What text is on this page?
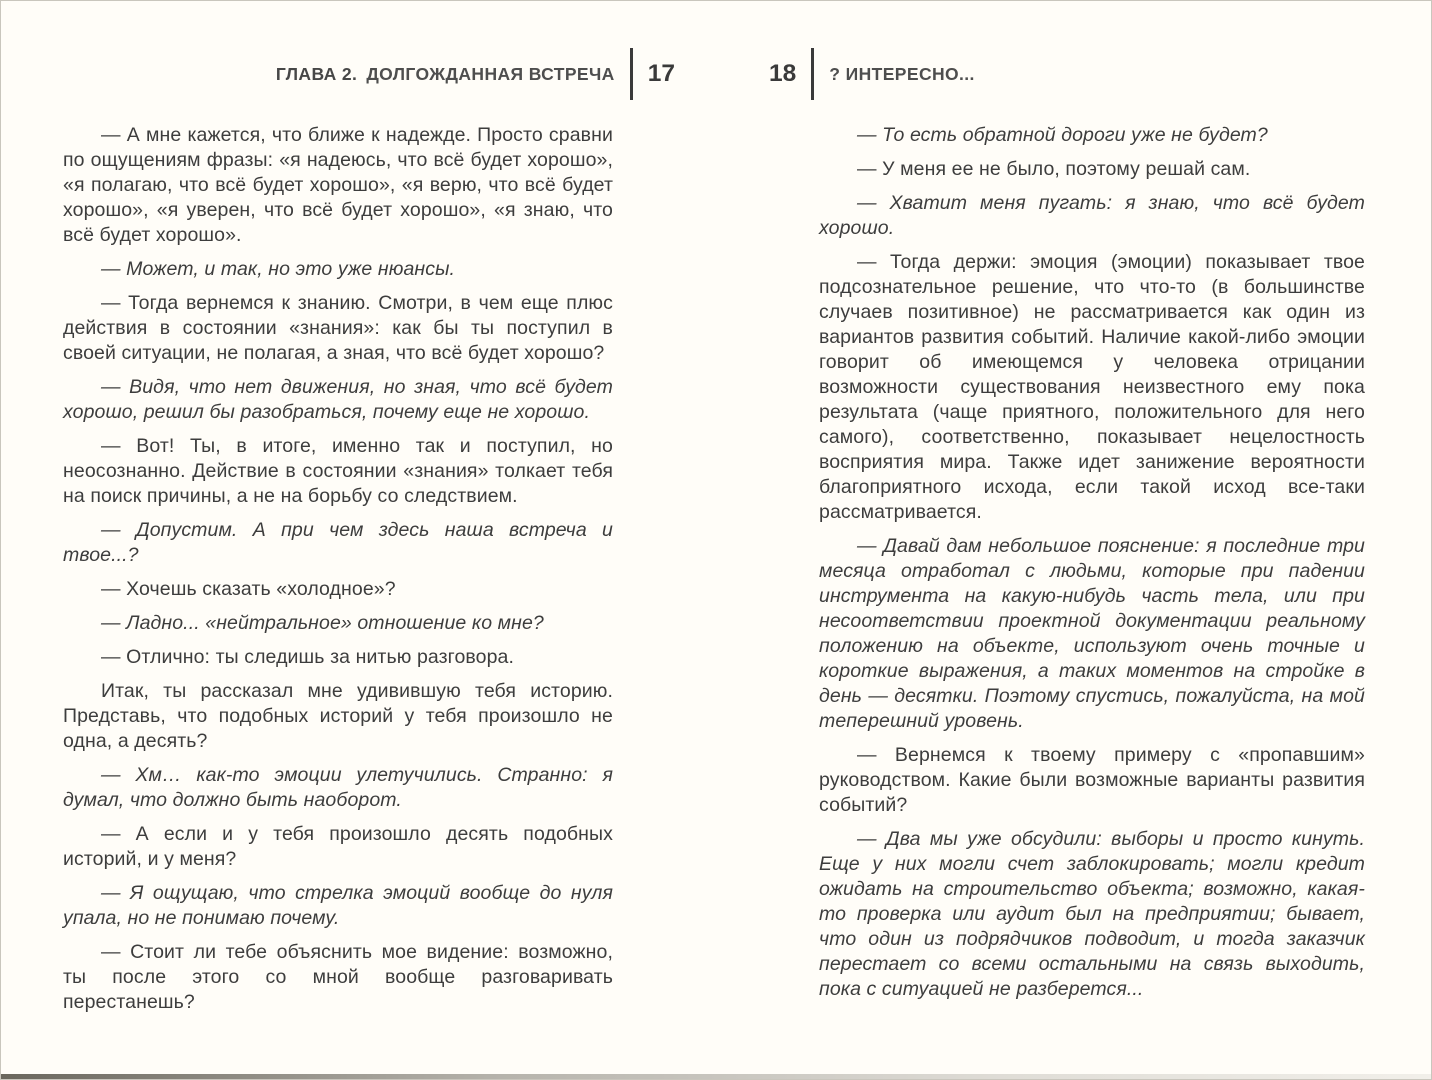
ГЛАВА 2. ДОЛГОЖДАННАЯ ВСТРЕЧА 17

— А мне кажется, что ближе к надежде. Просто сравни по ощущениям фразы: «я надеюсь, что всё будет хорошо», «я полагаю, что всё будет хорошо», «я верю, что всё будет хорошо», «я уверен, что всё будет хорошо», «я знаю, что всё будет хорошо».

— Может, и так, но это уже нюансы.

— Тогда вернемся к знанию. Смотри, в чем еще плюс действия в состоянии «знания»: как бы ты поступил в своей ситуации, не полагая, а зная, что всё будет хорошо?

— Видя, что нет движения, но зная, что всё будет хорошо, решил бы разобраться, почему еще не хорошо.

— Вот! Ты, в итоге, именно так и поступил, но неосознанно. Действие в состоянии «знания» толкает тебя на поиск причины, а не на борьбу со следствием.

— Допустим. А при чем здесь наша встреча и твое...?

— Хочешь сказать «холодное»?

— Ладно... «нейтральное» отношение ко мне?

— Отлично: ты следишь за нитью разговора.

Итак, ты рассказал мне удивившую тебя историю. Представь, что подобных историй у тебя произошло не одна, а десять?

— Хм… как-то эмоции улетучились. Странно: я думал, что должно быть наоборот.

— А если и у тебя произошло десять подобных историй, и у меня?

— Я ощущаю, что стрелка эмоций вообще до нуля упала, но не понимаю почему.

— Стоит ли тебе объяснить мое видение: возможно, ты после этого со мной вообще разговаривать перестанешь?

18 ? ИНТЕРЕСНО...

— То есть обратной дороги уже не будет?

— У меня ее не было, поэтому решай сам.

— Хватит меня пугать: я знаю, что всё будет хорошо.

— Тогда держи: эмоция (эмоции) показывает твое подсознательное решение, что что-то (в большинстве случаев позитивное) не рассматривается как один из вариантов развития событий. Наличие какой-либо эмоции говорит об имеющемся у человека отрицании возможности существования неизвестного ему пока результата (чаще приятного, положительного для него самого), соответственно, показывает нецелостность восприятия мира. Также идет занижение вероятности благоприятного исхода, если такой исход все-таки рассматривается.

— Давай дам небольшое пояснение: я последние три месяца отработал с людьми, которые при падении инструмента на какую-нибудь часть тела, или при несоответствии проектной документации реальному положению на объекте, используют очень точные и короткие выражения, а таких моментов на стройке в день — десятки. Поэтому спустись, пожалуйста, на мой теперешний уровень.

— Вернемся к твоему примеру с «пропавшим» руководством. Какие были возможные варианты развития событий?

— Два мы уже обсудили: выборы и просто кинуть. Еще у них могли счет заблокировать; могли кредит ожидать на строительство объекта; возможно, какая-то проверка или аудит был на предприятии; бывает, что один из подрядчиков подводит, и тогда заказчик перестает со всеми остальными на связь выходить, пока с ситуацией не разберется...
